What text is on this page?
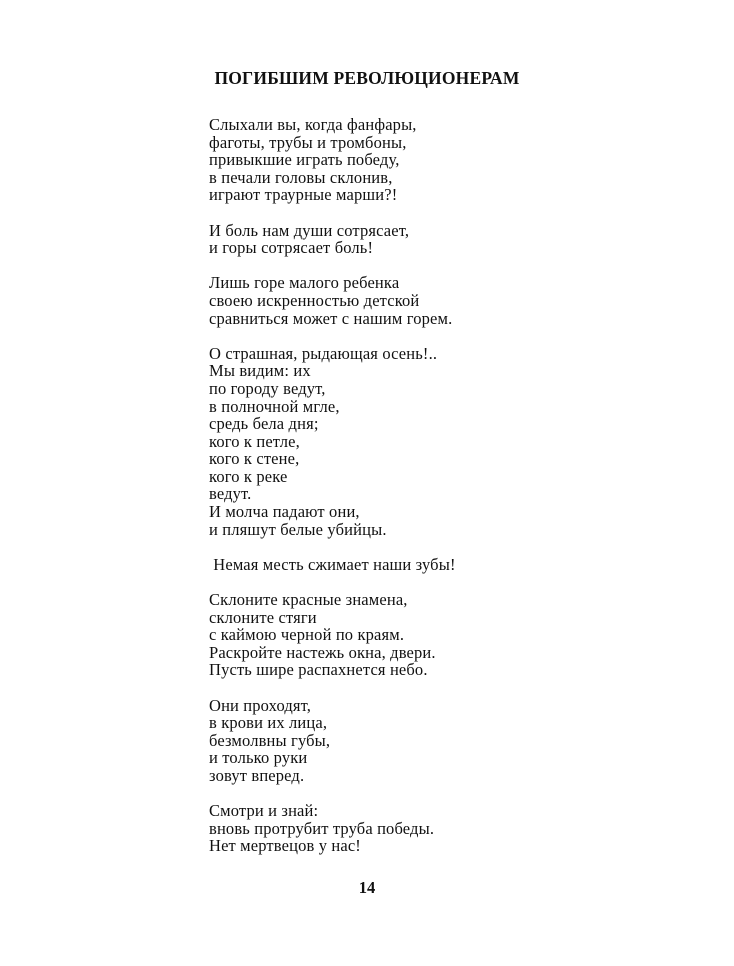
ПОГИБШИМ РЕВОЛЮЦИОНЕРАМ
Слыхали вы, когда фанфары,
фаготы, трубы и тромбоны,
привыкшие играть победу,
в печали головы склонив,
играют траурные марши?!
И боль нам души сотрясает,
и горы сотрясает боль!
Лишь горе малого ребенка
своею искренностью детской
сравниться может с нашим горем.
О страшная, рыдающая осень!..
Мы видим: их
по городу ведут,
в полночной мгле,
средь бела дня;
кого к петле,
кого к стене,
кого к реке
ведут.
И молча падают они,
и пляшут белые убийцы.
Немая месть сжимает наши зубы!
Склоните красные знамена,
склоните стяги
с каймою черной по краям.
Раскройте настежь окна, двери.
Пусть шире распахнется небо.
Они проходят,
в крови их лица,
безмолвны губы,
и только руки
зовут вперед.
Смотри и знай:
вновь протрубит труба победы.
Нет мертвецов у нас!
14
